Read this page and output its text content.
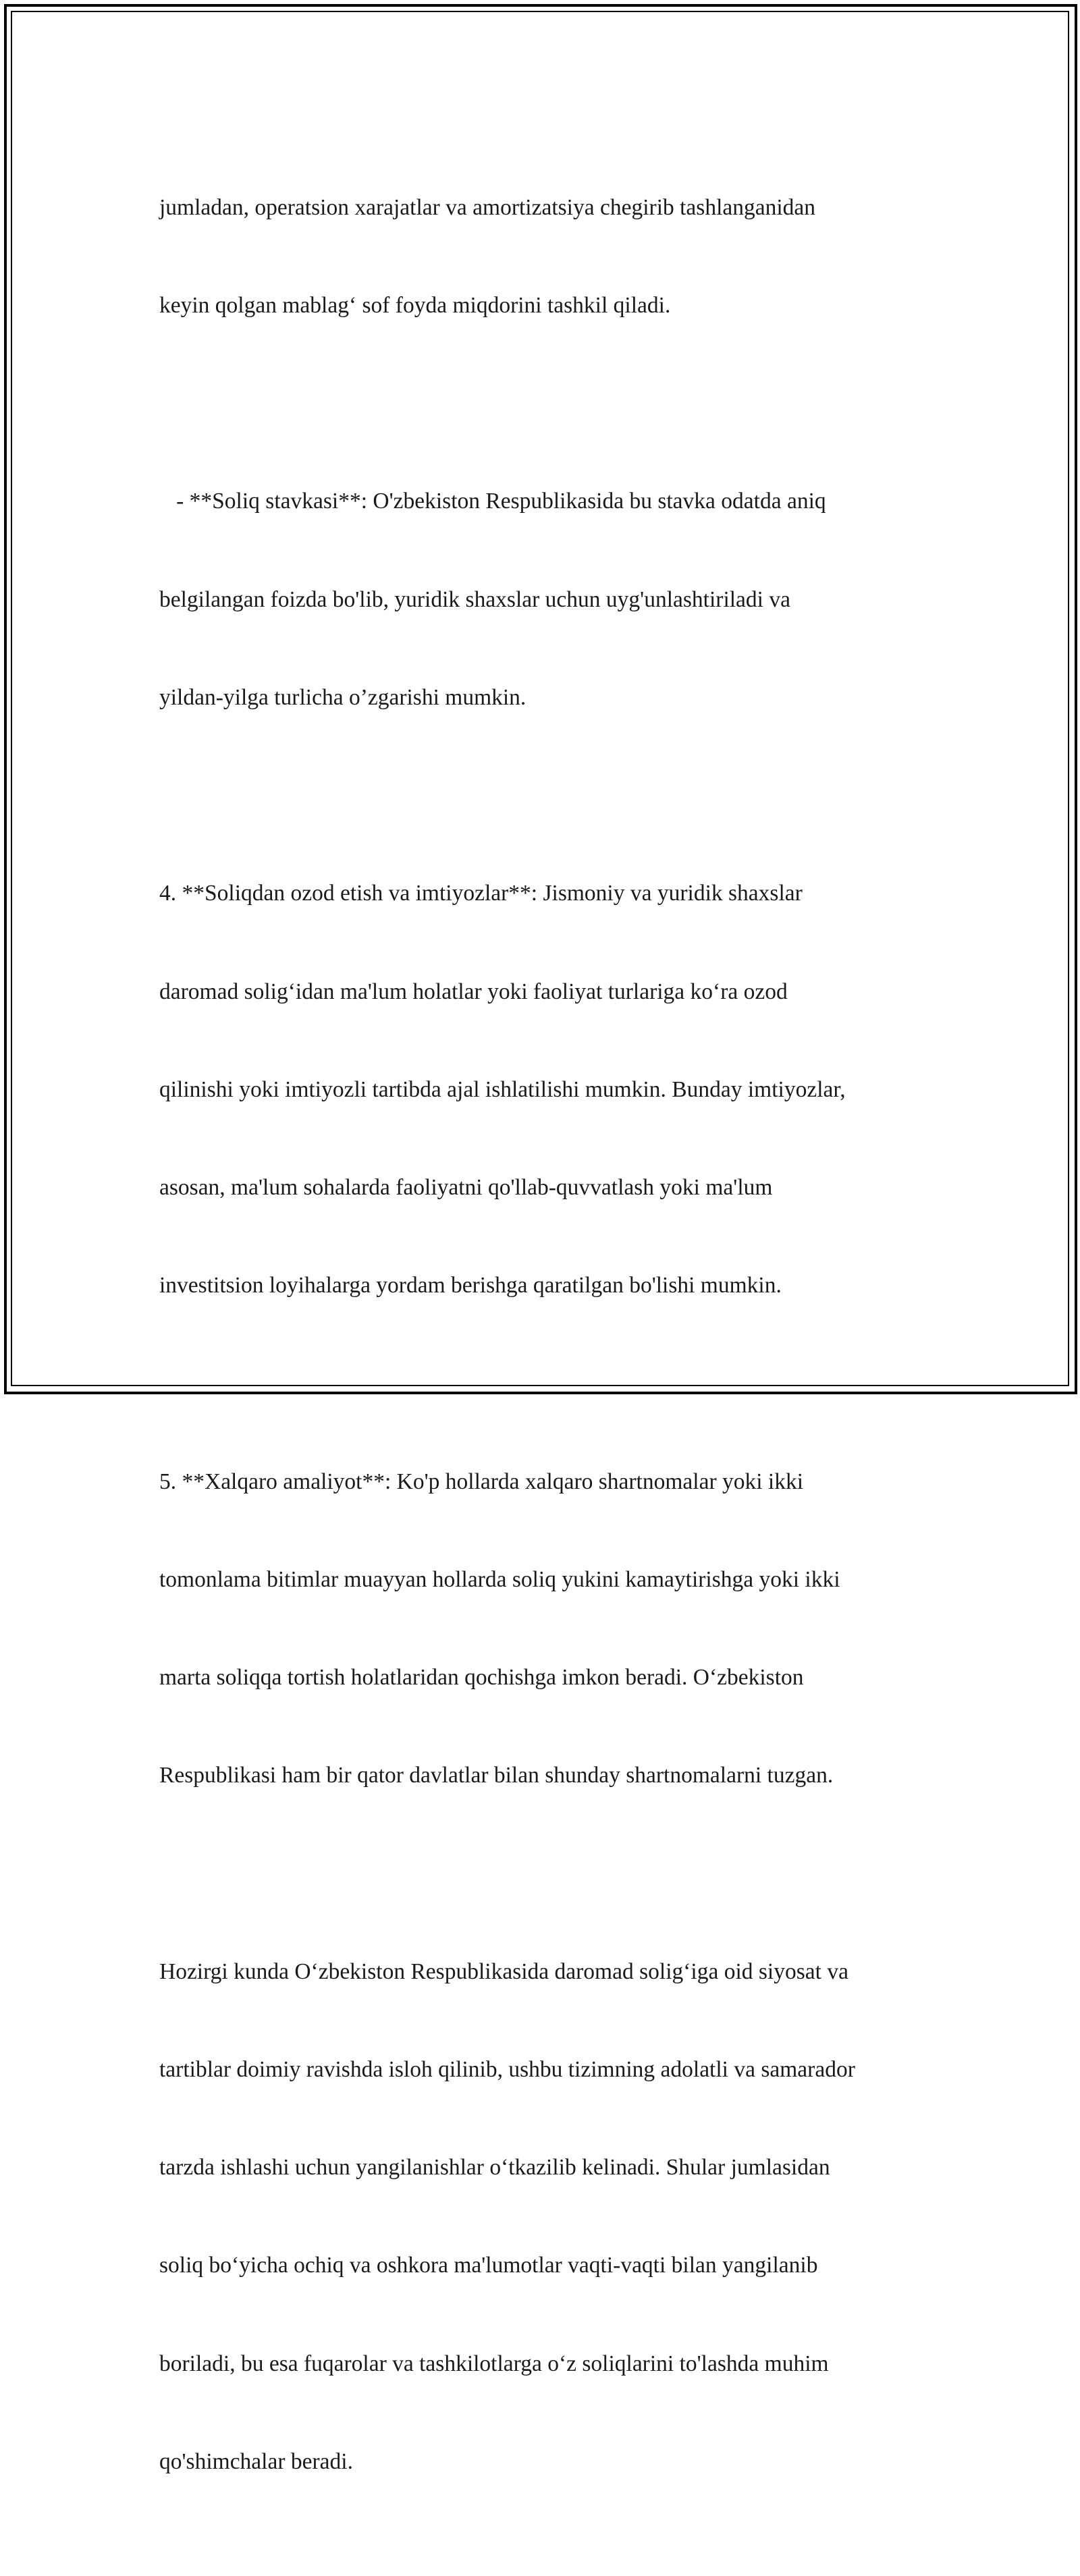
jumladan, operatsion xarajatlar va amortizatsiya chegirib tashlanganidan

keyin qolgan mablag‘ sof foyda miqdorini tashkil qiladi.

- **Soliq stavkasi**: O'zbekiston Respublikasida bu stavka odatda aniq

belgilangan foizda bo'lib, yuridik shaxslar uchun uyg'unlashtiriladi va

yildan-yilga turlicha o’zgarishi mumkin.

4. **Soliqdan ozod etish va imtiyozlar**: Jismoniy va yuridik shaxslar

daromad solig‘idan ma'lum holatlar yoki faoliyat turlariga ko‘ra ozod

qilinishi yoki imtiyozli tartibda ajal ishlatilishi mumkin. Bunday imtiyozlar,

asosan, ma'lum sohalarda faoliyatni qo'llab-quvvatlash yoki ma'lum

investitsion loyihalarga yordam berishga qaratilgan bo'lishi mumkin.

5. **Xalqaro amaliyot**: Ko'p hollarda xalqaro shartnomalar yoki ikki

tomonlama bitimlar muayyan hollarda soliq yukini kamaytirishga yoki ikki

marta soliqqa tortish holatlaridan qochishga imkon beradi. O‘zbekiston

Respublikasi ham bir qator davlatlar bilan shunday shartnomalarni tuzgan.

Hozirgi kunda O‘zbekiston Respublikasida daromad solig‘iga oid siyosat va

tartiblar doimiy ravishda isloh qilinib, ushbu tizimning adolatli va samarador

tarzda ishlashi uchun yangilanishlar o‘tkazilib kelinadi. Shular jumlasidan

soliq bo‘yicha ochiq va oshkora ma'lumotlar vaqti-vaqti bilan yangilanib

boriladi, bu esa fuqarolar va tashkilotlarga o‘z soliqlarini to'lashda muhim

qo'shimchalar beradi.
